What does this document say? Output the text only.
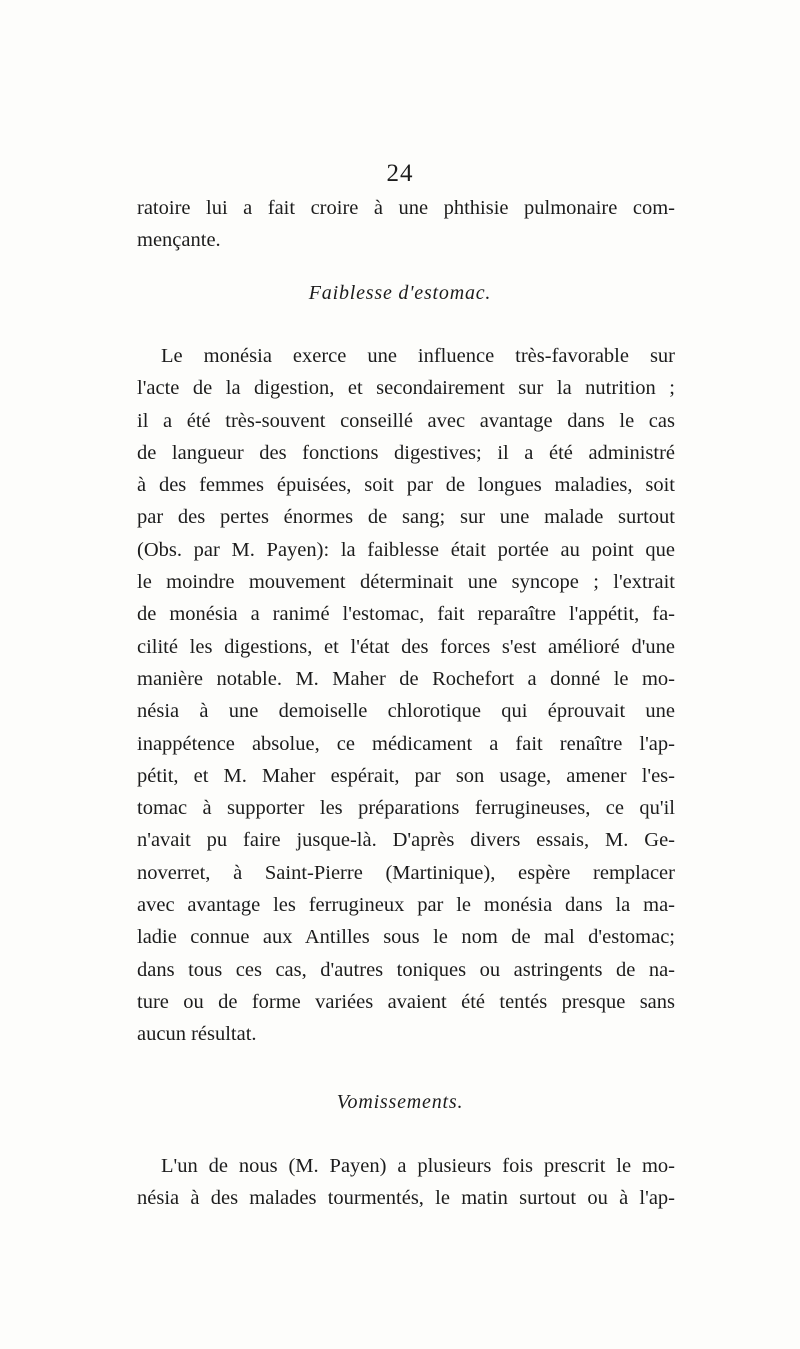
24
ratoire lui a fait croire à une phthisie pulmonaire com-
mençante.
Faiblesse d'estomac.
Le monésia exerce une influence très-favorable sur
l'acte de la digestion, et secondairement sur la nutrition ;
il a été très-souvent conseillé avec avantage dans le cas
de langueur des fonctions digestives; il a été administré
à des femmes épuisées, soit par de longues maladies, soit
par des pertes énormes de sang; sur une malade surtout
(Obs. par M. Payen): la faiblesse était portée au point que
le moindre mouvement déterminait une syncope ; l'extrait
de monésia a ranimé l'estomac, fait reparaître l'appétit, fa-
cilité les digestions, et l'état des forces s'est amélioré d'une
manière notable. M. Maher de Rochefort a donné le mo-
nésia à une demoiselle chlorotique qui éprouvait une
inappétence absolue, ce médicament a fait renaître l'ap-
pétit, et M. Maher espérait, par son usage, amener l'es-
tomac à supporter les préparations ferrugineuses, ce qu'il
n'avait pu faire jusque-là. D'après divers essais, M. Ge-
noverret, à Saint-Pierre (Martinique), espère remplacer
avec avantage les ferrugineux par le monésia dans la ma-
ladie connue aux Antilles sous le nom de mal d'estomac;
dans tous ces cas, d'autres toniques ou astringents de na-
ture ou de forme variées avaient été tentés presque sans
aucun résultat.
Vomissements.
L'un de nous (M. Payen) a plusieurs fois prescrit le mo-
nésia à des malades tourmentés, le matin surtout ou à l'ap-
